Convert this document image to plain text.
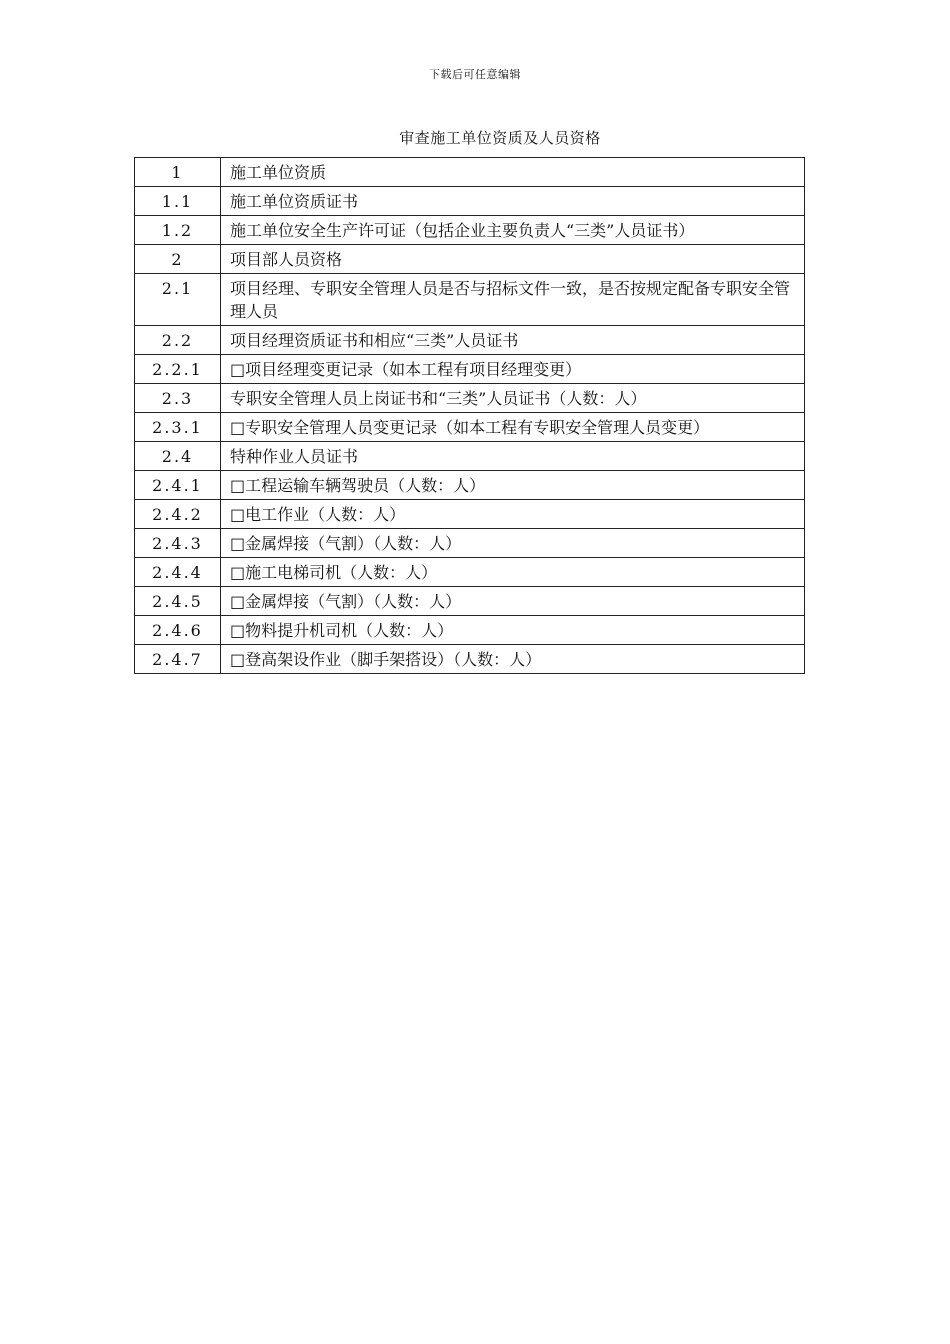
下载后可任意编辑
审查施工单位资质及人员资格
1	施工单位资质
1.1	施工单位资质证书
1.2	施工单位安全生产许可证（包括企业主要负责人“三类”人员证书）
2	项目部人员资格
2.1	项目经理、专职安全管理人员是否与招标文件一致，是否按规定配备专职安全管理人员
2.2	项目经理资质证书和相应“三类”人员证书
2.2.1	□项目经理变更记录（如本工程有项目经理变更）
2.3	专职安全管理人员上岗证书和“三类”人员证书（人数：人）
2.3.1	□专职安全管理人员变更记录（如本工程有专职安全管理人员变更）
2.4	特种作业人员证书
2.4.1	□工程运输车辆驾驶员（人数：人）
2.4.2	□电工作业（人数：人）
2.4.3	□金属焊接（气割）（人数：人）
2.4.4	□施工电梯司机（人数：人）
2.4.5	□金属焊接（气割）（人数：人）
2.4.6	□物料提升机司机（人数：人）
2.4.7	□登高架设作业（脚手架搭设）（人数：人）
